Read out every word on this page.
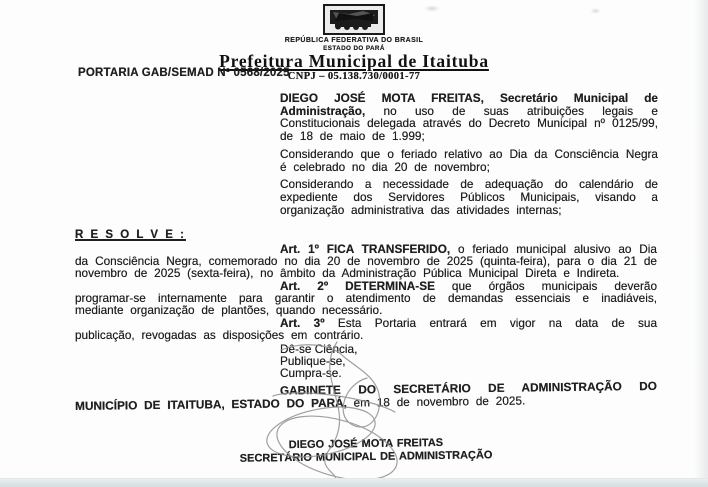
REPÚBLICA FEDERATIVA DO BRASIL
ESTADO DO PARÁ
Prefeitura Municipal de Itaituba
CNPJ – 05.138.730/0001-77
PORTARIA GAB/SEMAD Nº 0568/2025

DIEGO JOSÉ MOTA FREITAS, Secretário Municipal de Administração, no uso de suas atribuições legais e Constitucionais delegada através do Decreto Municipal nº 0125/99, de 18 de maio de 1.999;

Considerando que o feriado relativo ao Dia da Consciência Negra é celebrado no dia 20 de novembro;

Considerando a necessidade de adequação do calendário de expediente dos Servidores Públicos Municipais, visando a organização administrativa das atividades internas;

R E S O L V E :

Art. 1º FICA TRANSFERIDO, o feriado municipal alusivo ao Dia da Consciência Negra, comemorado no dia 20 de novembro de 2025 (quinta-feira), para o dia 21 de novembro de 2025 (sexta-feira), no âmbito da Administração Pública Municipal Direta e Indireta.

Art. 2º DETERMINA-SE que órgãos municipais deverão programar-se internamente para garantir o atendimento de demandas essenciais e inadiáveis, mediante organização de plantões, quando necessário.

Art. 3º Esta Portaria entrará em vigor na data de sua publicação, revogadas as disposições em contrário.

Dê-se Ciência,
Publique-se,
Cumpra-se.

GABINETE DO SECRETÁRIO DE ADMINISTRAÇÃO DO MUNICÍPIO DE ITAITUBA, ESTADO DO PARÁ, em 18 de novembro de 2025.

DIEGO JOSÉ MOTA FREITAS
SECRETÁRIO MUNICIPAL DE ADMINISTRAÇÃO
